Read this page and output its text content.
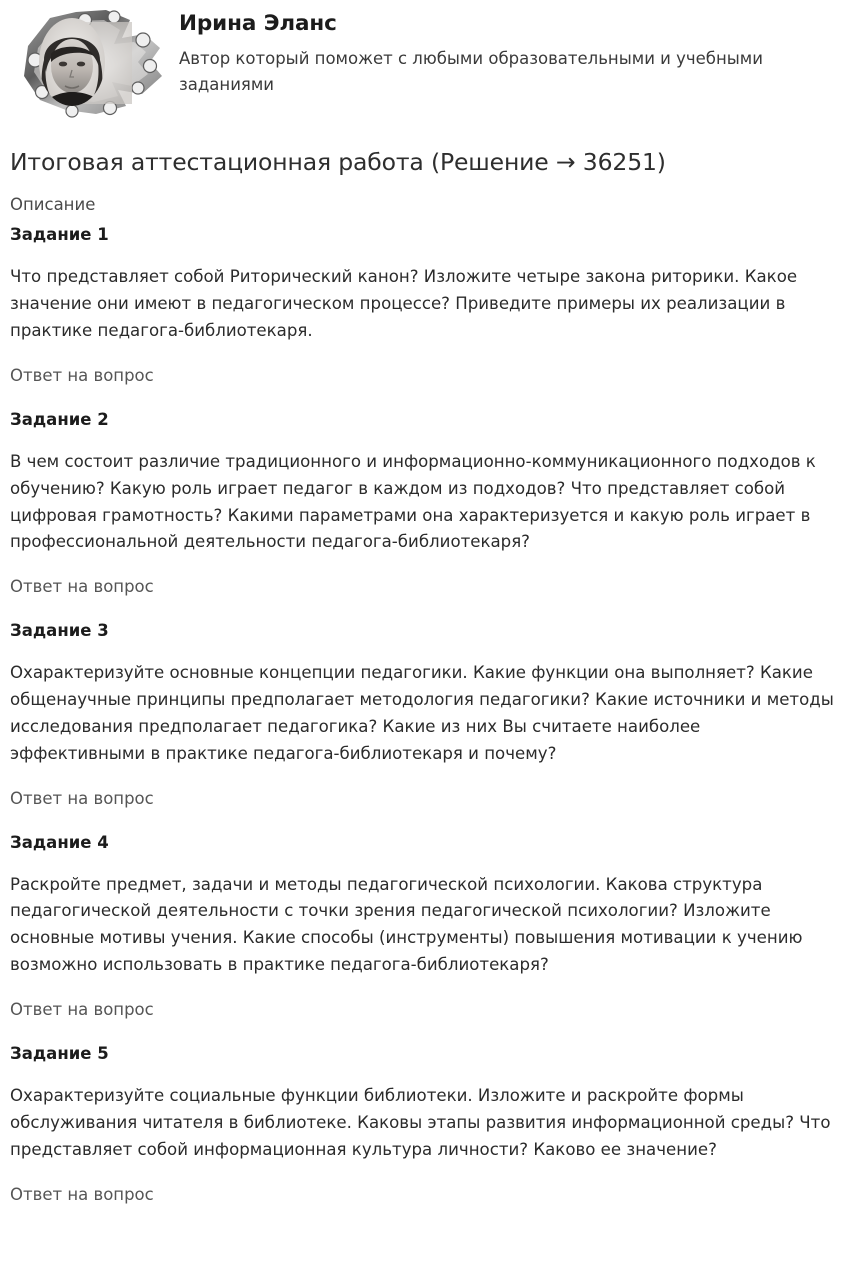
Ирина Эланс

Автор который поможет с любыми образовательными и учебными заданиями

Итоговая аттестационная работа (Решение → 36251)

Описание

Задание 1

Что представляет собой Риторический канон? Изложите четыре закона риторики. Какое значение они имеют в педагогическом процессе? Приведите примеры их реализации в практике педагога-библиотекаря.

Ответ на вопрос

Задание 2

В чем состоит различие традиционного и информационно-коммуникационного подходов к обучению? Какую роль играет педагог в каждом из подходов? Что представляет собой цифровая грамотность? Какими параметрами она характеризуется и какую роль играет в профессиональной деятельности педагога-библиотекаря?

Ответ на вопрос

Задание 3

Охарактеризуйте основные концепции педагогики. Какие функции она выполняет? Какие общенаучные принципы предполагает методология педагогики? Какие источники и методы исследования предполагает педагогика? Какие из них Вы считаете наиболее эффективными в практике педагога-библиотекаря и почему?

Ответ на вопрос

Задание 4

Раскройте предмет, задачи и методы педагогической психологии. Какова структура педагогической деятельности с точки зрения педагогической психологии? Изложите основные мотивы учения. Какие способы (инструменты) повышения мотивации к учению возможно использовать в практике педагога-библиотекаря?

Ответ на вопрос

Задание 5

Охарактеризуйте социальные функции библиотеки. Изложите и раскройте формы обслуживания читателя в библиотеке. Каковы этапы развития информационной среды? Что представляет собой информационная культура личности? Каково ее значение?

Ответ на вопрос
